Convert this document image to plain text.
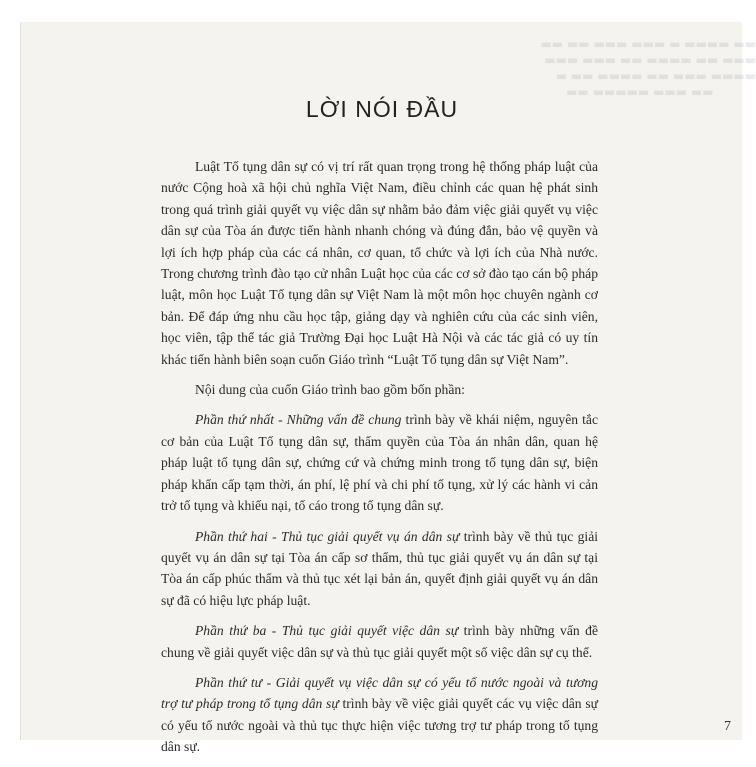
▬▬ ▬▬▬▬ ▬ ▬▬▬ ▬▬▬ ▬▬ ▬▬
▬▬▬ ▬▬ ▬▬▬▬ ▬▬ ▬▬▬ ▬▬▬
▬▬▬▬ ▬▬▬ ▬▬ ▬▬▬▬ ▬▬ ▬
▬▬ ▬▬▬ ▬▬▬▬▬ ▬▬
LỜI NÓI ĐẦU

Luật Tố tụng dân sự có vị trí rất quan trọng trong hệ thống pháp luật của nước Cộng hoà xã hội chủ nghĩa Việt Nam, điều chỉnh các quan hệ phát sinh trong quá trình giải quyết vụ việc dân sự nhằm bảo đảm việc giải quyết vụ việc dân sự của Tòa án được tiến hành nhanh chóng và đúng đắn, bảo vệ quyền và lợi ích hợp pháp của các cá nhân, cơ quan, tổ chức và lợi ích của Nhà nước. Trong chương trình đào tạo cử nhân Luật học của các cơ sở đào tạo cán bộ pháp luật, môn học Luật Tố tụng dân sự Việt Nam là một môn học chuyên ngành cơ bản. Để đáp ứng nhu cầu học tập, giảng dạy và nghiên cứu của các sinh viên, học viên, tập thể tác giả Trường Đại học Luật Hà Nội và các tác giả có uy tín khác tiến hành biên soạn cuốn Giáo trình “Luật Tố tụng dân sự Việt Nam”.

Nội dung của cuốn Giáo trình bao gồm bốn phần:

Phần thứ nhất - Những vấn đề chung trình bày về khái niệm, nguyên tắc cơ bản của Luật Tố tụng dân sự, thẩm quyền của Tòa án nhân dân, quan hệ pháp luật tố tụng dân sự, chứng cứ và chứng minh trong tố tụng dân sự, biện pháp khẩn cấp tạm thời, án phí, lệ phí và chi phí tố tụng, xử lý các hành vi cản trở tố tụng và khiếu nại, tố cáo trong tố tụng dân sự.

Phần thứ hai - Thủ tục giải quyết vụ án dân sự trình bày về thủ tục giải quyết vụ án dân sự tại Tòa án cấp sơ thẩm, thủ tục giải quyết vụ án dân sự tại Tòa án cấp phúc thẩm và thủ tục xét lại bản án, quyết định giải quyết vụ án dân sự đã có hiệu lực pháp luật.

Phần thứ ba - Thủ tục giải quyết việc dân sự trình bày những vấn đề chung về giải quyết việc dân sự và thủ tục giải quyết một số việc dân sự cụ thể.

Phần thứ tư - Giải quyết vụ việc dân sự có yếu tố nước ngoài và tương trợ tư pháp trong tố tụng dân sự trình bày về việc giải quyết các vụ việc dân sự có yếu tố nước ngoài và thủ tục thực hiện việc tương trợ tư pháp trong tố tụng dân sự.

7
